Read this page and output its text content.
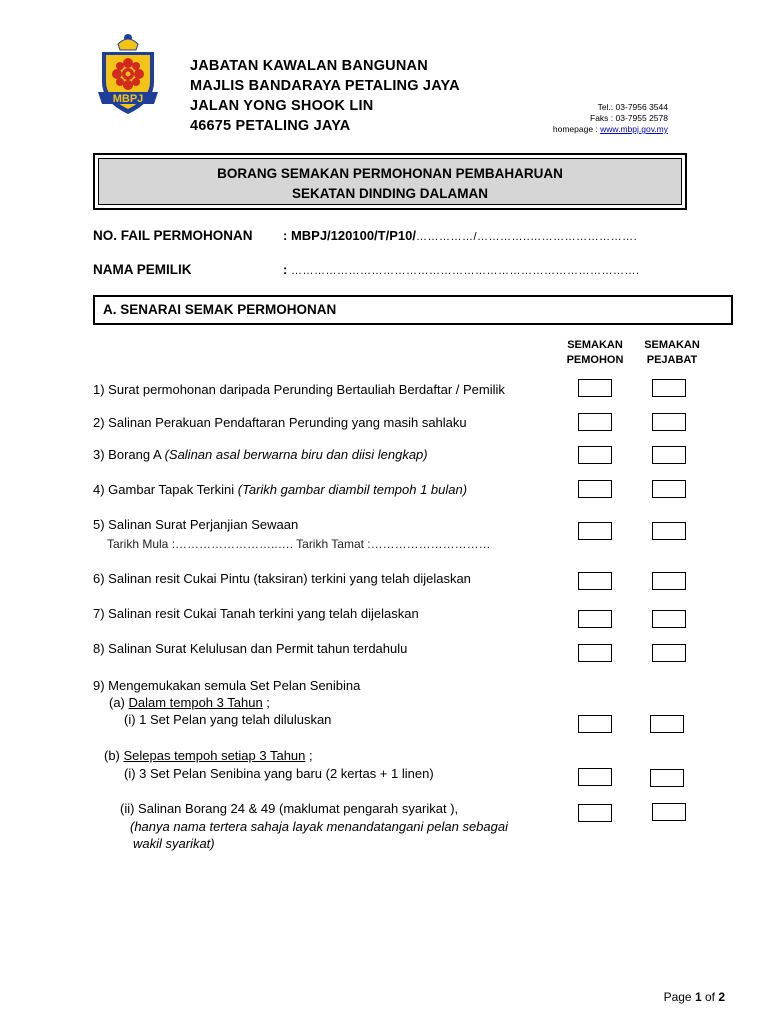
MBPJ
JABATAN KAWALAN BANGUNAN
MAJLIS BANDARAYA PETALING JAYA
JALAN YONG SHOOK LIN
46675 PETALING JAYA
Tel.: 03-7956 3544
Faks : 03-7955 2578
homepage : www.mbpj.gov.my
BORANG SEMAKAN PERMOHONAN PEMBAHARUAN
SEKATAN DINDING DALAMAN
NO. FAIL PERMOHONAN : MBPJ/120100/T/P10/……………/…………..……………………….
NAMA PEMILIK	: ……………………………………………………………………………….
A. SENARAI SEMAK PERMOHONAN
SEMAKAN
PEMOHON
SEMAKAN
PEJABAT
1) Surat permohonan daripada Perunding Bertauliah Berdaftar / Pemilik
2) Salinan Perakuan Pendaftaran Perunding yang masih sahlaku
3) Borang A (Salinan asal berwarna biru dan diisi lengkap)
4) Gambar Tapak Terkini (Tarikh gambar diambil tempoh 1 bulan)
5) Salinan Surat Perjanjian Sewaan
Tarikh Mula :……………………..…. Tarikh Tamat :…………………………
6) Salinan resit Cukai Pintu (taksiran) terkini yang telah dijelaskan
7) Salinan resit Cukai Tanah terkini yang telah dijelaskan
8) Salinan Surat Kelulusan dan Permit tahun terdahulu
9) Mengemukakan semula Set Pelan Senibina
(a) Dalam tempoh 3 Tahun ;
(i) 1 Set Pelan yang telah diluluskan
(b) Selepas tempoh setiap 3 Tahun ;
(i) 3 Set Pelan Senibina yang baru (2 kertas + 1 linen)
(ii) Salinan Borang 24 & 49 (maklumat pengarah syarikat ),
(hanya nama tertera sahaja layak menandatangani pelan sebagai
wakil syarikat)
Page 1 of 2
